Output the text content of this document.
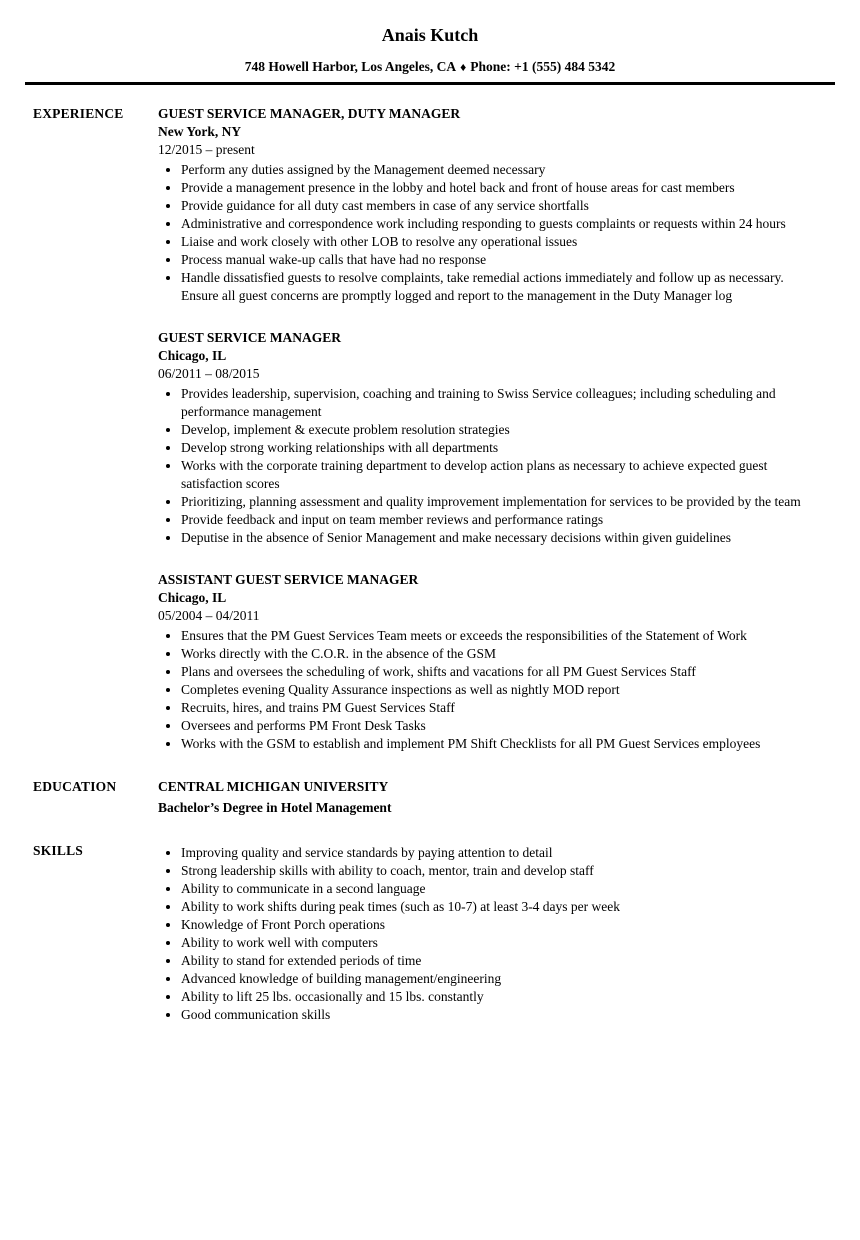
Anais Kutch
748 Howell Harbor, Los Angeles, CA ♦ Phone: +1 (555) 484 5342
EXPERIENCE	GUEST SERVICE MANAGER, DUTY MANAGER
New York, NY
12/2015 – present
• Perform any duties assigned by the Management deemed necessary
• Provide a management presence in the lobby and hotel back and front of house areas for cast members
• Provide guidance for all duty cast members in case of any service shortfalls
• Administrative and correspondence work including responding to guests complaints or requests within 24 hours
• Liaise and work closely with other LOB to resolve any operational issues
• Process manual wake-up calls that have had no response
• Handle dissatisfied guests to resolve complaints, take remedial actions immediately and follow up as necessary. Ensure all guest concerns are promptly logged and report to the management in the Duty Manager log
GUEST SERVICE MANAGER
Chicago, IL
06/2011 – 08/2015
• Provides leadership, supervision, coaching and training to Swiss Service colleagues; including scheduling and performance management
• Develop, implement & execute problem resolution strategies
• Develop strong working relationships with all departments
• Works with the corporate training department to develop action plans as necessary to achieve expected guest satisfaction scores
• Prioritizing, planning assessment and quality improvement implementation for services to be provided by the team
• Provide feedback and input on team member reviews and performance ratings
• Deputise in the absence of Senior Management and make necessary decisions within given guidelines
ASSISTANT GUEST SERVICE MANAGER
Chicago, IL
05/2004 – 04/2011
• Ensures that the PM Guest Services Team meets or exceeds the responsibilities of the Statement of Work
• Works directly with the C.O.R. in the absence of the GSM
• Plans and oversees the scheduling of work, shifts and vacations for all PM Guest Services Staff
• Completes evening Quality Assurance inspections as well as nightly MOD report
• Recruits, hires, and trains PM Guest Services Staff
• Oversees and performs PM Front Desk Tasks
• Works with the GSM to establish and implement PM Shift Checklists for all PM Guest Services employees
EDUCATION	CENTRAL MICHIGAN UNIVERSITY
Bachelor’s Degree in Hotel Management
SKILLS	• Improving quality and service standards by paying attention to detail
• Strong leadership skills with ability to coach, mentor, train and develop staff
• Ability to communicate in a second language
• Ability to work shifts during peak times (such as 10-7) at least 3-4 days per week
• Knowledge of Front Porch operations
• Ability to work well with computers
• Ability to stand for extended periods of time
• Advanced knowledge of building management/engineering
• Ability to lift 25 lbs. occasionally and 15 lbs. constantly
• Good communication skills
